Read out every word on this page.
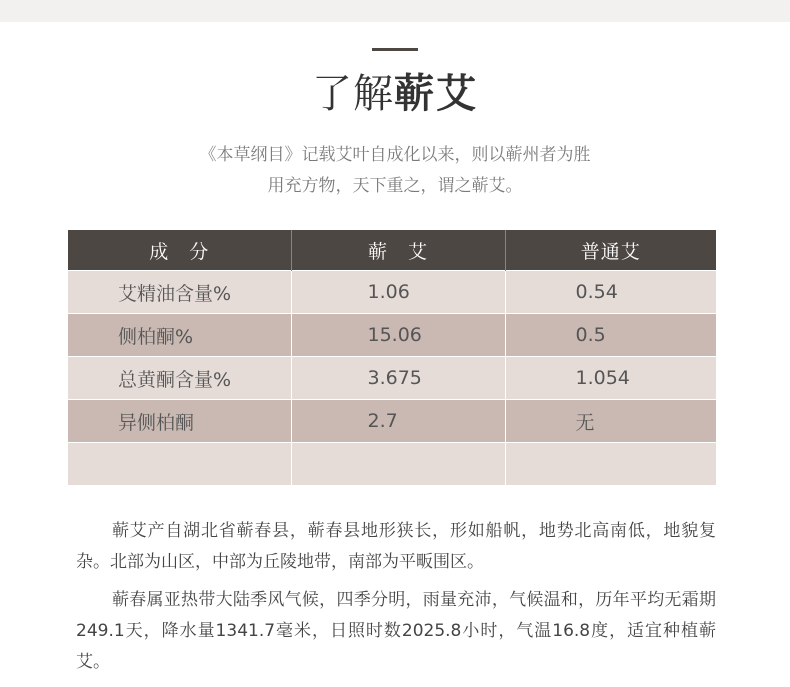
了解蕲艾
《本草纲目》记载艾叶自成化以来，则以蕲州者为胜
用充方物，天下重之，谓之蕲艾。
成　分	蕲　艾	普通艾
艾精油含量%	1.06	0.54
侧柏酮%	15.06	0.5
总黄酮含量%	3.675	1.054
异侧柏酮	2.7	无

蕲艾产自湖北省蕲春县，蕲春县地形狭长，形如船帆，地势北高南低，地貌复杂。北部为山区，中部为丘陵地带，南部为平畈围区。

蕲春属亚热带大陆季风气候，四季分明，雨量充沛，气候温和，历年平均无霜期249.1天，降水量1341.7毫米，日照时数2025.8小时，气温16.8度，适宜种植蕲艾。
